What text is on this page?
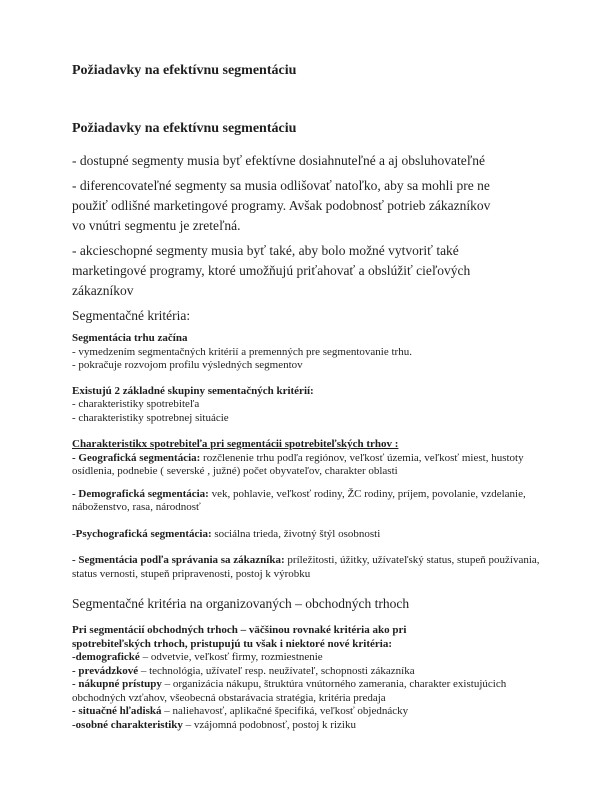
Požiadavky na efektívnu segmentáciu
Požiadavky na efektívnu segmentáciu
- dostupné segmenty musia byť efektívne dosiahnuteľné a aj obsluhovateľné
- diferencovateľné segmenty sa musia odlišovať natoľko, aby sa mohli pre ne
použiť odlišné marketingové programy. Avšak podobnosť potrieb zákazníkov
vo vnútri segmentu je zreteľná.
- akcieschopné segmenty musia byť také, aby bolo možné vytvoriť také
marketingové programy, ktoré umožňujú priťahovať a obslúžiť cieľových
zákazníkov
Segmentačné kritéria:
Segmentácia trhu začína
- vymedzením segmentačných kritérií a premenných pre segmentovanie trhu.
- pokračuje rozvojom profilu výsledných segmentov
Existujú 2 základné skupiny sementačných kritérií:
- charakteristiky spotrebiteľa
- charakteristiky spotrebnej situácie
Charakteristikx spotrebiteľa pri segmentácii spotrebiteľských trhov :
- Geografická segmentácia: rozčlenenie trhu podľa regiónov, veľkosť územia, veľkosť miest, hustoty osídlenia, podnebie ( severské , južné) počet obyvateľov, charakter oblasti
- Demografická segmentácia: vek, pohlavie, veľkosť rodiny, ŽC rodiny, príjem, povolanie, vzdelanie, náboženstvo, rasa, národnosť
-Psychografická segmentácia: sociálna trieda, životný štýl osobnosti
- Segmentácia podľa správania sa zákazníka: príležitosti, úžitky, užívateľský status, stupeň používania, status vernosti, stupeň pripravenosti, postoj k výrobku
Segmentačné kritéria na organizovaných – obchodných trhoch
Pri segmentácií obchodných trhoch – väčšinou rovnaké kritéria ako pri
spotrebiteľských trhoch, pristupujú tu však i niektoré nové kritéria:
-demografické – odvetvie, veľkosť firmy, rozmiestnenie
- prevádzkové – technológia, užívateľ resp. neužívateľ, schopnosti zákazníka
- nákupné prístupy – organizácia nákupu, štruktúra vnútorného zamerania, charakter existujúcich obchodných vzťahov, všeobecná obstarávacia stratégia, kritéria predaja
- situačné hľadiská – naliehavosť, aplikačné špecifiká, veľkosť objednácky
-osobné charakteristiky – vzájomná podobnosť, postoj k riziku
